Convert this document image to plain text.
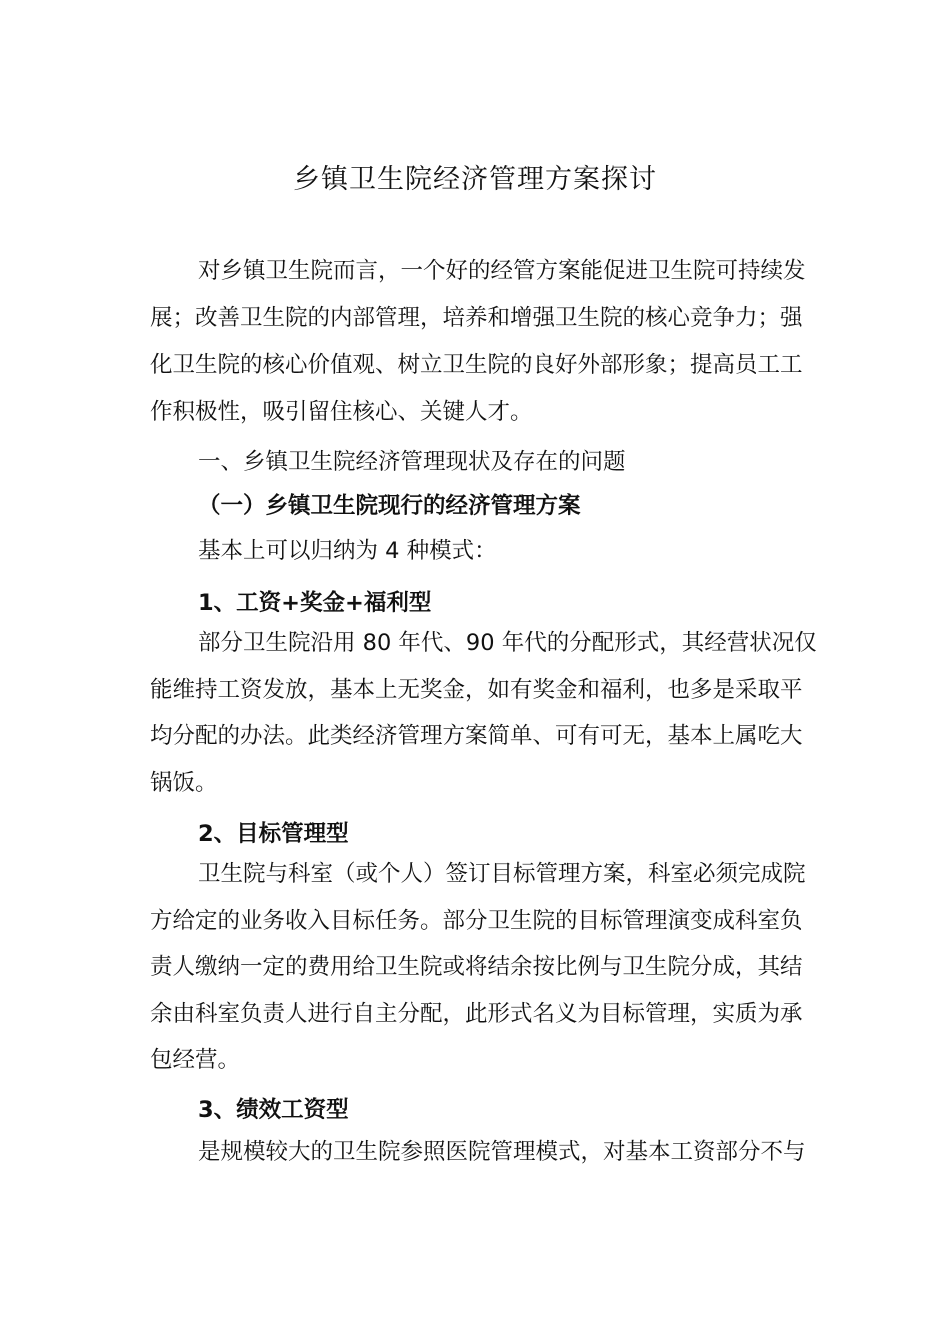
乡镇卫生院经济管理方案探讨
对乡镇卫生院而言，一个好的经管方案能促进卫生院可持续发
展；改善卫生院的内部管理，培养和增强卫生院的核心竞争力；强
化卫生院的核心价值观、树立卫生院的良好外部形象；提高员工工
作积极性，吸引留住核心、关键人才。
一、乡镇卫生院经济管理现状及存在的问题
（一）乡镇卫生院现行的经济管理方案
基本上可以归纳为 4 种模式：
1、工资+奖金+福利型
部分卫生院沿用 80 年代、90 年代的分配形式，其经营状况仅
能维持工资发放，基本上无奖金，如有奖金和福利，也多是采取平
均分配的办法。此类经济管理方案简单、可有可无，基本上属吃大
锅饭。
2、目标管理型
卫生院与科室（或个人）签订目标管理方案，科室必须完成院
方给定的业务收入目标任务。部分卫生院的目标管理演变成科室负
责人缴纳一定的费用给卫生院或将结余按比例与卫生院分成，其结
余由科室负责人进行自主分配，此形式名义为目标管理，实质为承
包经营。
3、绩效工资型
是规模较大的卫生院参照医院管理模式，对基本工资部分不与
